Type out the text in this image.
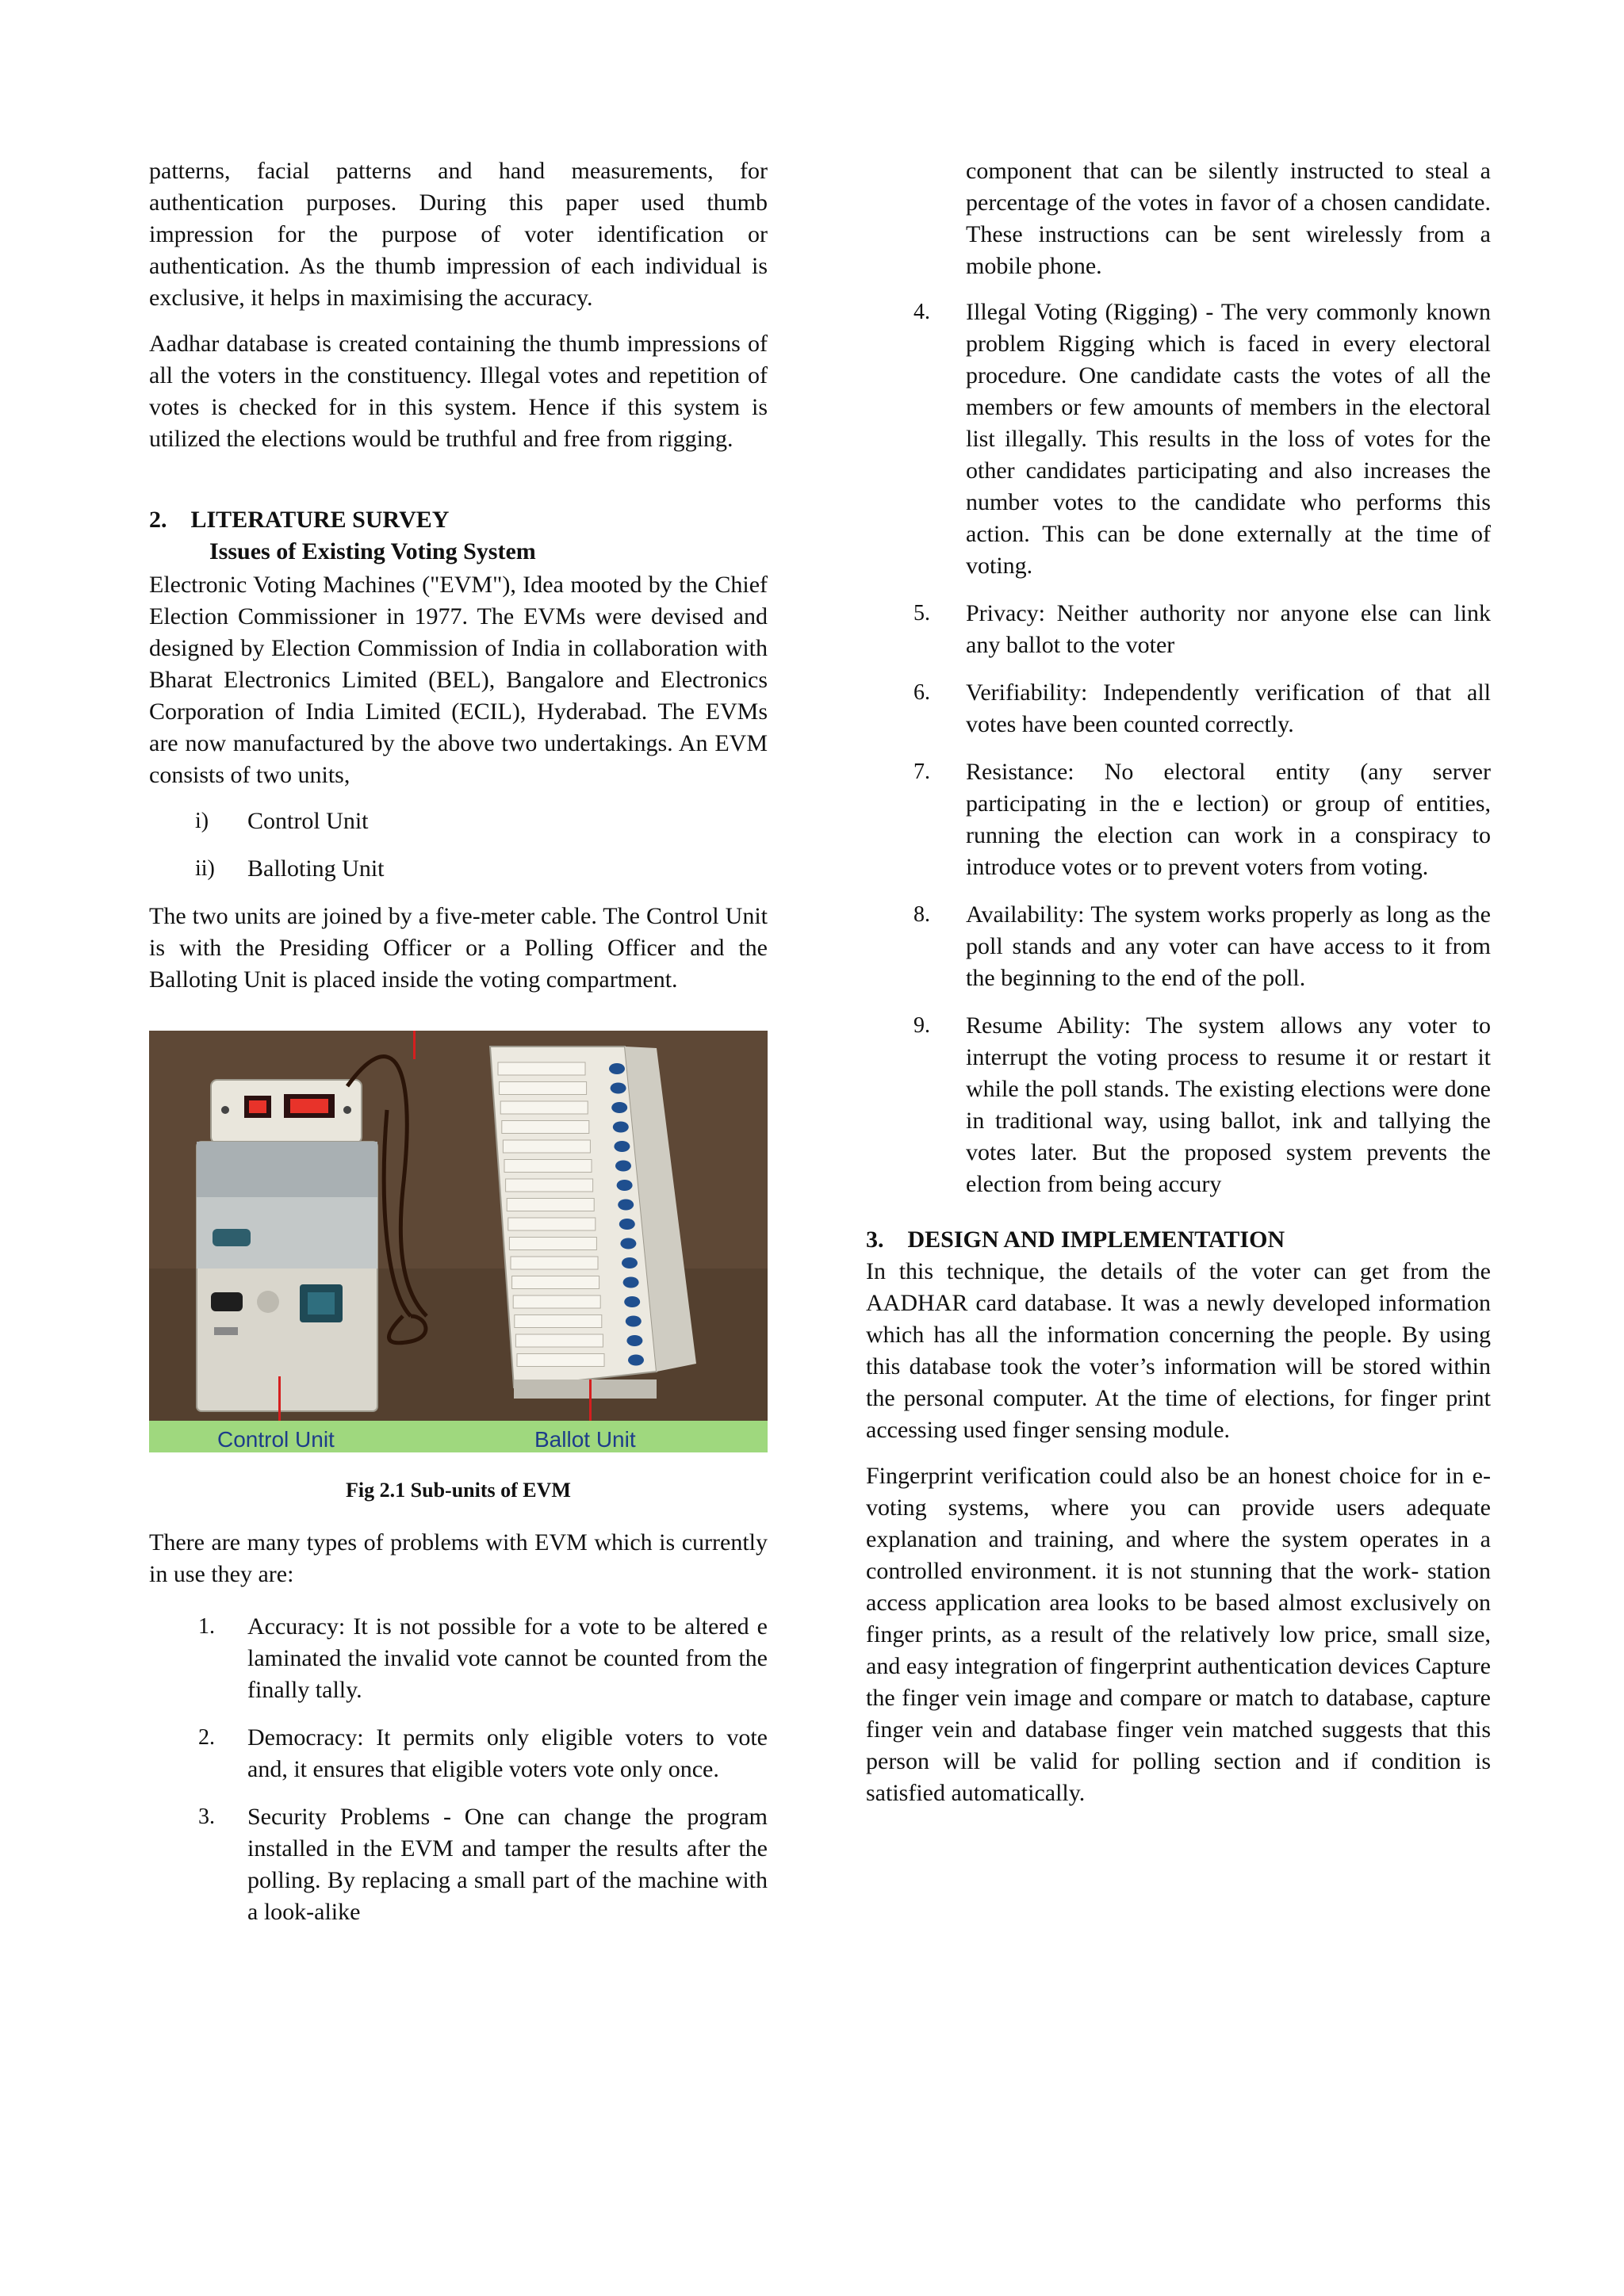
patterns, facial patterns and hand measurements, for authentication purposes. During this paper used thumb impression for the purpose of voter identification or authentication. As the thumb impression of each individual is exclusive, it helps in maximising the accuracy.

Aadhar database is created containing the thumb impressions of all the voters in the constituency. Illegal votes and repetition of votes is checked for in this system. Hence if this system is utilized the elections would be truthful and free from rigging.

2.    LITERATURE SURVEY
Issues of Existing Voting System

Electronic Voting Machines ("EVM"), Idea mooted by the Chief Election Commissioner in 1977. The EVMs were devised and designed by Election Commission of India in collaboration with Bharat Electronics Limited (BEL), Bangalore and Electronics Corporation of India Limited (ECIL), Hyderabad. The EVMs are now manufactured by the above two undertakings. An EVM consists of two units,

i) Control Unit
ii) Balloting Unit

The two units are joined by a five-meter cable. The Control Unit is with the Presiding Officer or a Polling Officer and the Balloting Unit is placed inside the voting compartment.

Control Unit	Ballot Unit
Fig 2.1 Sub-units of EVM

There are many types of problems with EVM which is currently in use they are:

1. Accuracy: It is not possible for a vote to be altered e laminated the invalid vote cannot be counted from the finally tally.
2. Democracy: It permits only eligible voters to vote and, it ensures that eligible voters vote only once.
3. Security Problems - One can change the program installed in the EVM and tamper the results after the polling. By replacing a small part of the machine with a look-alike

component that can be silently instructed to steal a percentage of the votes in favor of a chosen candidate. These instructions can be sent wirelessly from a mobile phone.

4. Illegal Voting (Rigging) - The very commonly known problem Rigging which is faced in every electoral procedure. One candidate casts the votes of all the members or few amounts of members in the electoral list illegally. This results in the loss of votes for the other candidates participating and also increases the number votes to the candidate who performs this action. This can be done externally at the time of voting.
5. Privacy: Neither authority nor anyone else can link any ballot to the voter
6. Verifiability: Independently verification of that all votes have been counted correctly.
7. Resistance: No electoral entity (any server participating in the e lection) or group of entities, running the election can work in a conspiracy to introduce votes or to prevent voters from voting.
8. Availability: The system works properly as long as the poll stands and any voter can have access to it from the beginning to the end of the poll.
9. Resume Ability: The system allows any voter to interrupt the voting process to resume it or restart it while the poll stands. The existing elections were done in traditional way, using ballot, ink and tallying the votes later. But the proposed system prevents the election from being accury
3.    DESIGN AND IMPLEMENTATION

In this technique, the details of the voter can get from the AADHAR card database. It was a newly developed information which has all the information concerning the people. By using this database took the voter’s information will be stored within the personal computer. At the time of elections, for finger print accessing used finger sensing module.

Fingerprint verification could also be an honest choice for in e-voting systems, where you can provide users adequate explanation and training, and where the system operates in a controlled environment. it is not stunning that the work- station access application area looks to be based almost exclusively on finger prints, as a result of the relatively low price, small size, and easy integration of fingerprint authentication devices Capture the finger vein image and compare or match to database, capture finger vein and database finger vein matched suggests that this person will be valid for polling section and if condition is satisfied automatically.
